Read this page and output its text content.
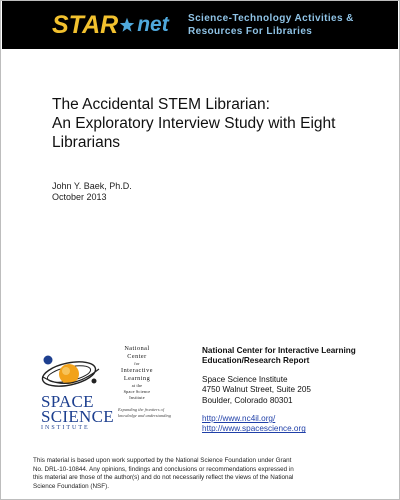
STAR net Science-Technology Activities &
Resources For Libraries
The Accidental STEM Librarian:
An Exploratory Interview Study with Eight
Librarians
John Y. Baek, Ph.D.
October 2013
National
Center
for
Interactive
Learning
at the
Space Science
Institute
SPACE
SCIENCE
INSTITUTE
Expanding the frontiers of knowledge and understanding
National Center for Interactive Learning
Education/Research Report
Space Science Institute
4750 Walnut Street, Suite 205
Boulder, Colorado 80301
http://www.nc4il.org/
http://www.spacescience.org
This material is based upon work supported by the National Science Foundation under Grant
No. DRL-10-10844. Any opinions, findings and conclusions or recommendations expressed in
this material are those of the author(s) and do not necessarily reflect the views of the National
Science Foundation (NSF).
